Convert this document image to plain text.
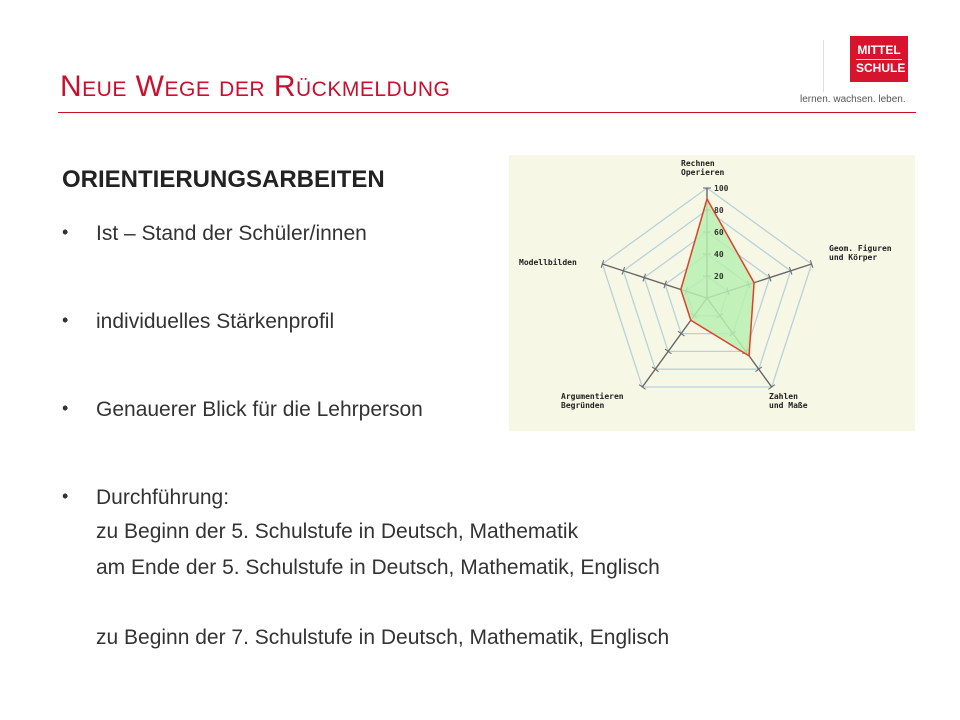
Neue Wege der Rückmeldung
MITTEL
SCHULE
lernen. wachsen. leben.
ORIENTIERUNGSARBEITEN
• Ist – Stand der Schüler/innen
• individuelles Stärkenprofil
• Genauerer Blick für die Lehrperson
• Durchführung:
zu Beginn der 5. Schulstufe in Deutsch, Mathematik
am Ende der 5. Schulstufe in Deutsch, Mathematik, Englisch
zu Beginn der 7. Schulstufe in Deutsch, Mathematik, Englisch
20
40
60
80
100
Rechnen
Operieren
Geom. Figuren
und Körper
Zahlen
und Maße
Argumentieren
Begründen
Modellbilden
